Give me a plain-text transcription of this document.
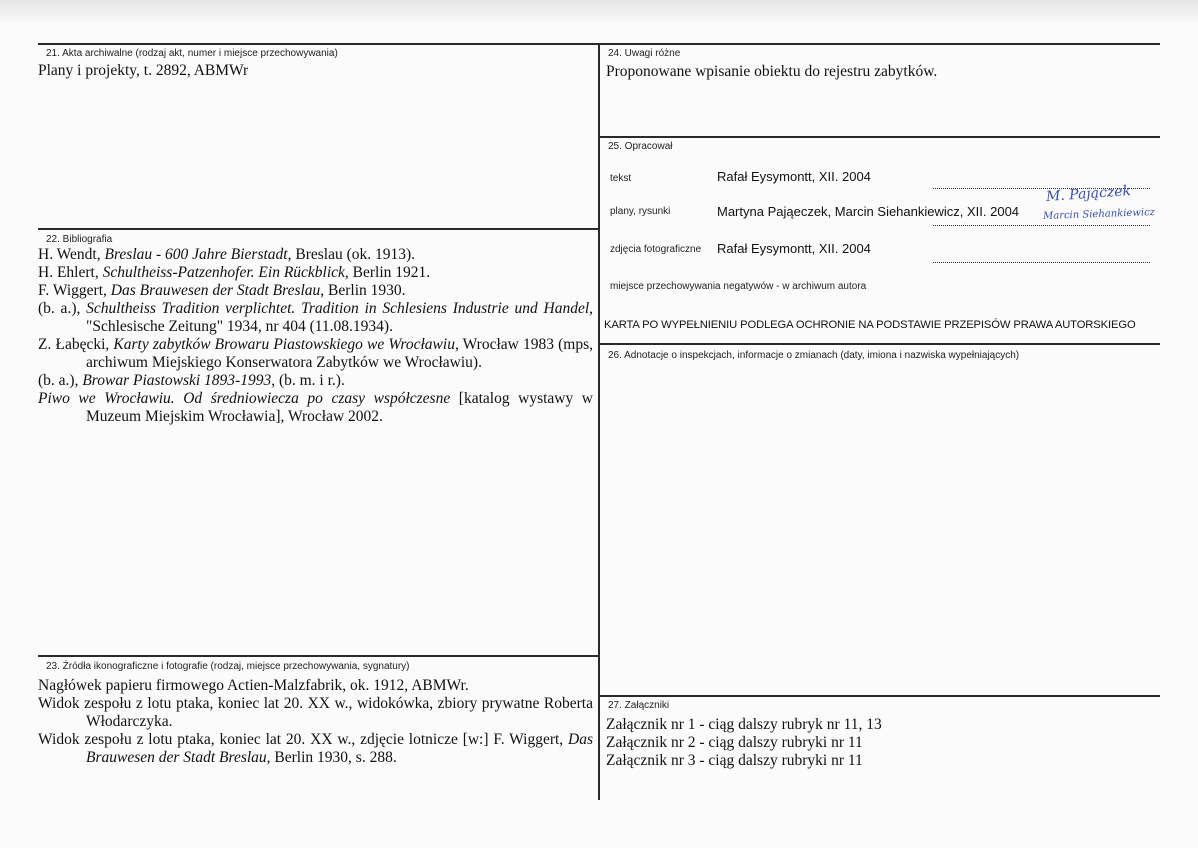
21. Akta archiwalne (rodzaj akt, numer i miejsce przechowywania)
Plany i projekty, t. 2892, ABMWr
22. Bibliografia

H. Wendt, Breslau - 600 Jahre Bierstadt, Breslau (ok. 1913).

H. Ehlert, Schultheiss-Patzenhofer. Ein Rückblick, Berlin 1921.

F. Wiggert, Das Brauwesen der Stadt Breslau, Berlin 1930.

(b. a.), Schultheiss Tradition verplichtet. Tradition in Schlesiens Industrie und Handel, "Schlesische Zeitung" 1934, nr 404 (11.08.1934).

Z. Łabęcki, Karty zabytków Browaru Piastowskiego we Wrocławiu, Wrocław 1983 (mps, archiwum Miejskiego Konserwatora Zabytków we Wrocławiu).

(b. a.), Browar Piastowski 1893-1993, (b. m. i r.).

Piwo we Wrocławiu. Od średniowiecza po czasy współczesne [katalog wystawy w Muzeum Miejskim Wrocławia], Wrocław 2002.

23. Źródła ikonograficzne i fotografie (rodzaj, miejsce przechowywania, sygnatury)

Nagłówek papieru firmowego Actien-Malzfabrik, ok. 1912, ABMWr.

Widok zespołu z lotu ptaka, koniec lat 20. XX w., widokówka, zbiory prywatne Roberta Włodarczyka.

Widok zespołu z lotu ptaka, koniec lat 20. XX w., zdjęcie lotnicze [w:] F. Wiggert, Das Brauwesen der Stadt Breslau, Berlin 1930, s. 288.

24. Uwagi różne
Proponowane wpisanie obiektu do rejestru zabytków.
25. Opracował
tekst	Rafał Eysymontt, XII. 2004
plany, rysunki	Martyna Pająeczek, Marcin Siehankiewicz, XII. 2004
M. Pajączek
Marcin Siehankiewicz
zdjęcia fotograficzne Rafał Eysymontt, XII. 2004
miejsce przechowywania negatywów - w archiwum autora
KARTA PO WYPEŁNIENIU PODLEGA OCHRONIE NA PODSTAWIE PRZEPISÓW PRAWA AUTORSKIEGO
26. Adnotacje o inspekcjach, informacje o zmianach (daty, imiona i nazwiska wypełniających)
27. Załączniki
Załącznik nr 1 - ciąg dalszy rubryk nr 11, 13
Załącznik nr 2 - ciąg dalszy rubryki nr 11
Załącznik nr 3 - ciąg dalszy rubryki nr 11
